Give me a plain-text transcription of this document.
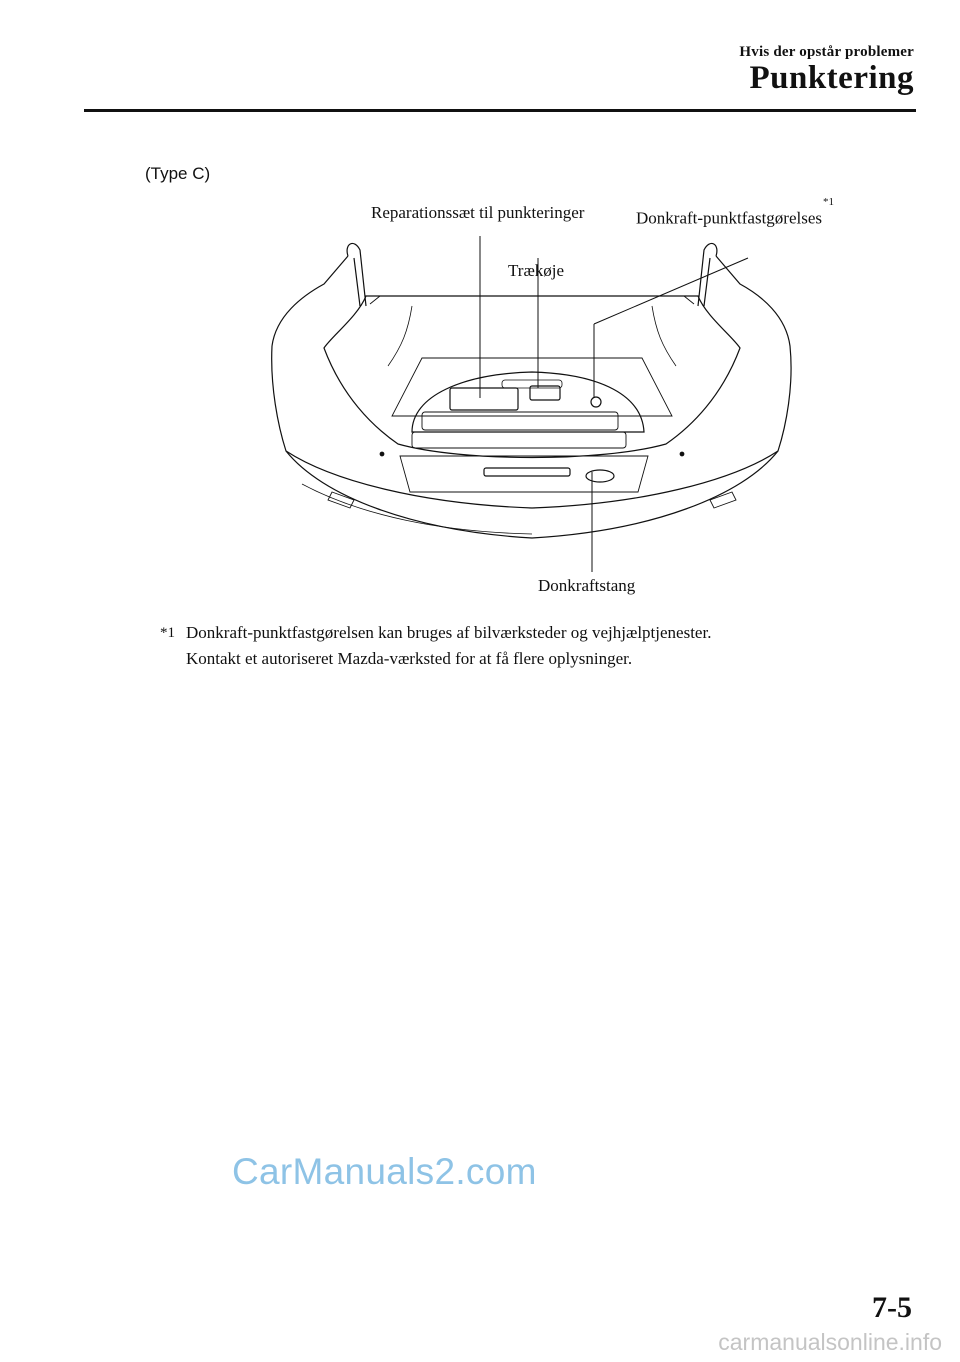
Hvis der opstår problemer
Punktering
(Type C)
Reparationssæt til punkteringer
Trækøje
Donkraft-punktfastgørelses$^{*1}$
Donkraftstang
*1 Donkraft-punktfastgørelsen kan bruges af bilværksteder og vejhjælptjenester.
Kontakt et autoriseret Mazda-værksted for at få flere oplysninger.
CarManuals2.com
7-5
carmanualsonline.info
